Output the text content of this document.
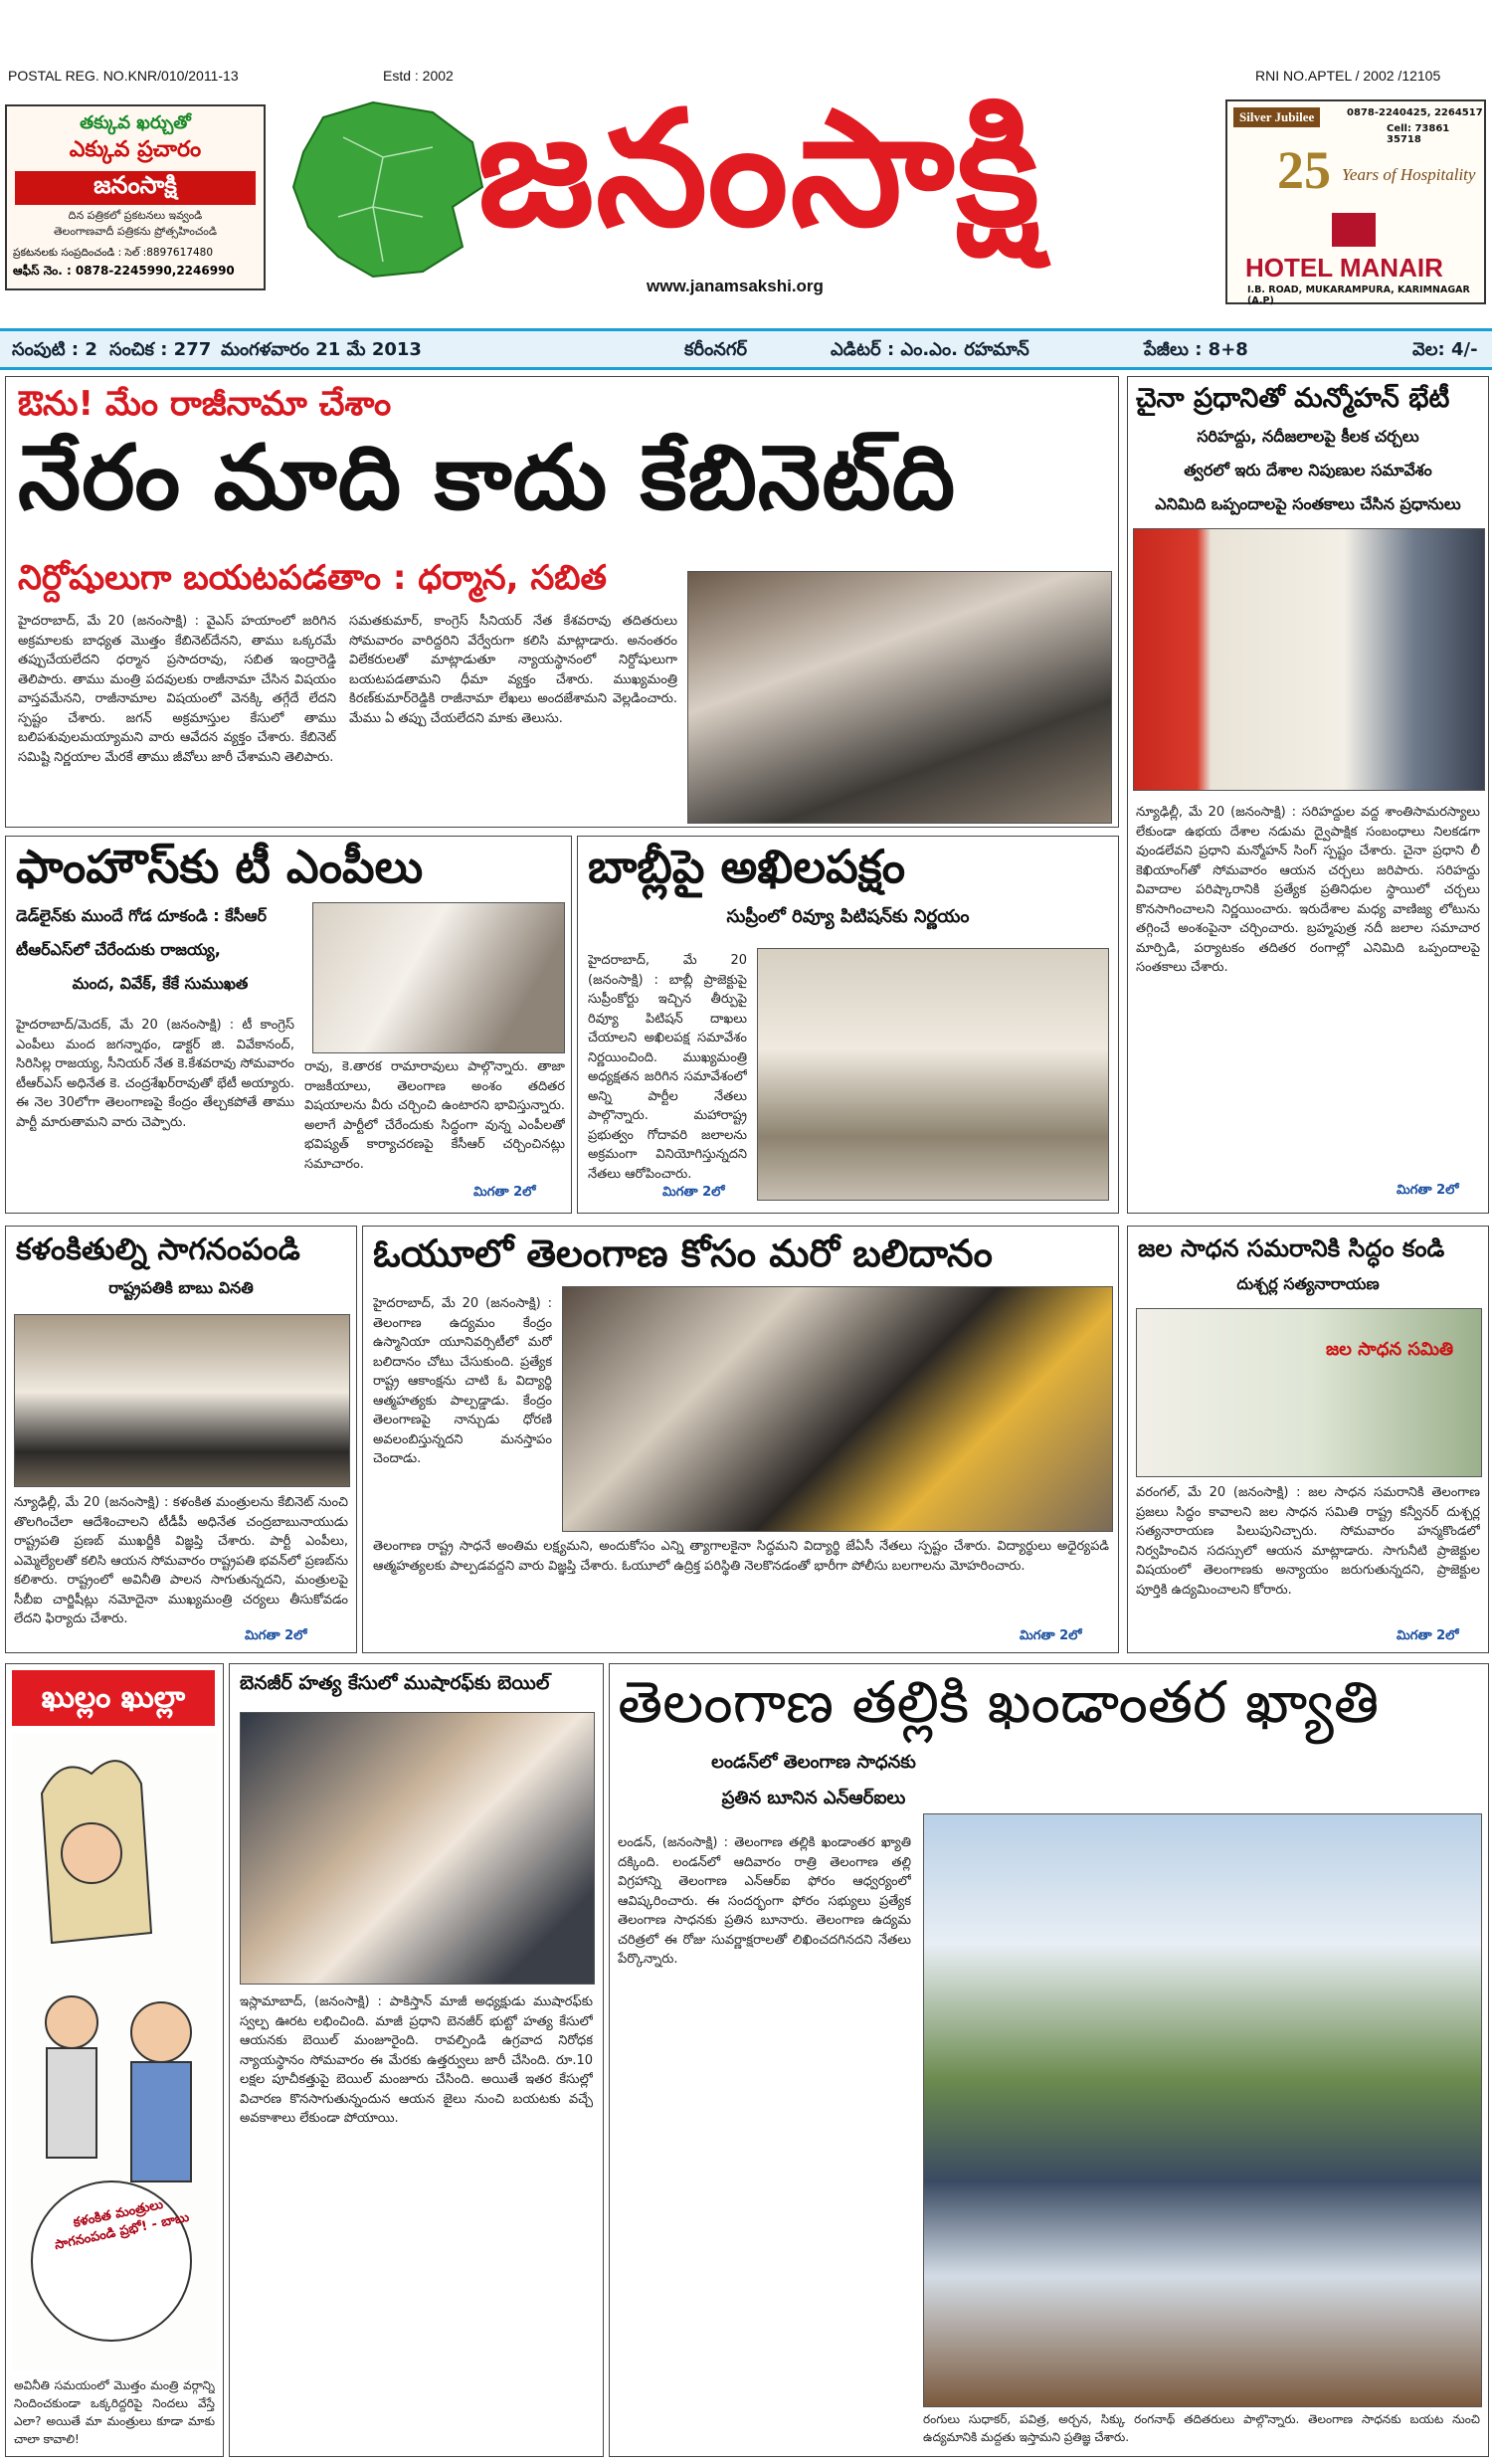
POSTAL REG. NO.KNR/010/2011-13	Estd : 2002	RNI NO.APTEL / 2002 /12105
తక్కువ ఖర్చుతో
ఎక్కువ ప్రచారం
జనంసాక్షి
దిన పత్రికలో ప్రకటనలు ఇవ్వండి
తెలంగాణవాదీ పత్రికను ప్రోత్సహించండి
ప్రకటనలకు సంప్రదించండి : సెల్ :8897617480
ఆఫీస్ నెం. : 0878-2245990,2246990
జనంసాక్షి
www.janamsakshi.org
Silver Jubilee	0878-2240425, 2264517
Cell: 73861 35718
25 Years of Hospitality
HOTEL MANAIR
I.B. ROAD, MUKARAMPURA, KARIMNAGAR (A.P)
సంపుటి : 2 సంచిక : 277 మంగళవారం 21 మే 2013	కరీంనగర్	ఎడిటర్ : ఎం.ఎం. రహమాన్	పేజీలు : 8+8	వెల: 4/-
ఔను! మేం రాజీనామా చేశాం
నేరం మాది కాదు కేబినెట్‌ది
నిర్దోషులుగా బయటపడతాం : ధర్మాన, సబిత
హైదరాబాద్, మే 20 (జనంసాక్షి) : వైఎస్‌ హయాంలో జరిగిన అక్రమాలకు బాధ్యత మొత్తం కేబినెట్‌దేనని, తాము ఒక్కరమే తప్పుచేయలేదని ధర్మాన ప్రసాదరావు, సబిత ఇంద్రారెడ్డి తెలిపారు. తాము మంత్రి పదవులకు రాజీనామా చేసిన విషయం వాస్తవమేనని, రాజీనామాల విషయంలో వెనక్కి తగ్గేదే లేదని స్పష్టం చేశారు. జగన్‌ అక్రమాస్తుల కేసులో తాము బలిపశువులమయ్యామని వారు ఆవేదన వ్యక్తం చేశారు. కేబినెట్‌ సమిష్టి నిర్ణయాల మేరకే తాము జీవోలు జారీ చేశామని తెలిపారు.
సమతకుమార్, కాంగ్రెస్‌ సీనియర్‌ నేత కేశవరావు తదితరులు సోమవారం వారిద్దరిని వేర్వేరుగా కలిసి మాట్లాడారు. అనంతరం విలేకరులతో మాట్లాడుతూ న్యాయస్థానంలో నిర్దోషులుగా బయటపడతామని ధీమా వ్యక్తం చేశారు. ముఖ్యమంత్రి కిరణ్‌కుమార్‌రెడ్డికి రాజీనామా లేఖలు అందజేశామని వెల్లడించారు. మేము ఏ తప్పు చేయలేదని మాకు తెలుసు.
చైనా ప్రధానితో మన్మోహన్‌ భేటీ
సరిహద్దు, నదీజలాలపై కీలక చర్చలు
త్వరలో ఇరు దేశాల నిపుణుల సమావేశం
ఎనిమిది ఒప్పందాలపై సంతకాలు చేసిన ప్రధానులు
న్యూఢిల్లీ, మే 20 (జనంసాక్షి) : సరిహద్దుల వద్ద శాంతిసామరస్యాలు లేకుండా ఉభయ దేశాల నడుమ ద్వైపాక్షిక సంబంధాలు నిలకడగా వుండలేవని ప్రధాని మన్మోహన్‌ సింగ్‌ స్పష్టం చేశారు. చైనా ప్రధాని లీ కెఖియాంగ్‌తో సోమవారం ఆయన చర్చలు జరిపారు. సరిహద్దు వివాదాల పరిష్కారానికి ప్రత్యేక ప్రతినిధుల స్థాయిలో చర్చలు కొనసాగించాలని నిర్ణయించారు. ఇరుదేశాల మధ్య వాణిజ్య లోటును తగ్గించే అంశంపైనా చర్చించారు. బ్రహ్మపుత్ర నదీ జలాల సమాచార మార్పిడి, పర్యాటకం తదితర రంగాల్లో ఎనిమిది ఒప్పందాలపై సంతకాలు చేశారు.
మిగతా 2లో
ఫాంహౌస్‌కు టీ ఎంపీలు
డెడ్‌లైన్‌కు ముందే గోడ దూకండి : కేసీఆర్
టీఆర్‌ఎస్‌లో చేరేందుకు రాజయ్య,
మంద, వివేక్, కేకే సుముఖత
హైదరాబాద్/మెదక్, మే 20 (జనంసాక్షి) : టీ కాంగ్రెస్‌ ఎంపీలు మంద జగన్నాథం, డాక్టర్‌ జి. వివేకానంద్, సిరిసిల్ల రాజయ్య, సీనియర్‌ నేత కె.కేశవరావు సోమవారం టీఆర్‌ఎస్‌ అధినేత కె. చంద్రశేఖర్‌రావుతో భేటీ అయ్యారు. ఈ నెల 30లోగా తెలంగాణపై కేంద్రం తేల్చకపోతే తాము పార్టీ మారుతామని వారు చెప్పారు.
రావు, కె.తారక రామారావులు పాల్గొన్నారు. తాజా రాజకీయాలు, తెలంగాణ అంశం తదితర విషయాలను వీరు చర్చించి ఉంటారని భావిస్తున్నారు. అలాగే పార్టీలో చేరేందుకు సిద్ధంగా వున్న ఎంపీలతో భవిష్యత్‌ కార్యాచరణపై కేసీఆర్‌ చర్చించినట్లు సమాచారం.
మిగతా 2లో
బాబ్లీపై అఖిలపక్షం
సుప్రీంలో రివ్యూ పిటిషన్‌కు నిర్ణయం
హైదరాబాద్, మే 20 (జనంసాక్షి) : బాబ్లీ ప్రాజెక్టుపై సుప్రీంకోర్టు ఇచ్చిన తీర్పుపై రివ్యూ పిటిషన్‌ దాఖలు చేయాలని అఖిలపక్ష సమావేశం నిర్ణయించింది. ముఖ్యమంత్రి అధ్యక్షతన జరిగిన సమావేశంలో అన్ని పార్టీల నేతలు పాల్గొన్నారు. మహారాష్ట్ర ప్రభుత్వం గోదావరి జలాలను అక్రమంగా వినియోగిస్తున్నదని నేతలు ఆరోపించారు.
మిగతా 2లో
కళంకితుల్ని సాగనంపండి
రాష్ట్రపతికి బాబు వినతి
న్యూఢిల్లీ, మే 20 (జనంసాక్షి) : కళంకిత మంత్రులను కేబినెట్‌ నుంచి తొలగించేలా ఆదేశించాలని టీడీపీ అధినేత చంద్రబాబునాయుడు రాష్ట్రపతి ప్రణబ్‌ ముఖర్జీకి విజ్ఞప్తి చేశారు. పార్టీ ఎంపీలు, ఎమ్మెల్యేలతో కలిసి ఆయన సోమవారం రాష్ట్రపతి భవన్‌లో ప్రణబ్‌ను కలిశారు. రాష్ట్రంలో అవినీతి పాలన సాగుతున్నదని, మంత్రులపై సీబీఐ చార్జిషీట్లు నమోదైనా ముఖ్యమంత్రి చర్యలు తీసుకోవడం లేదని ఫిర్యాదు చేశారు.
మిగతా 2లో
ఓయూలో తెలంగాణ కోసం మరో బలిదానం
హైదరాబాద్, మే 20 (జనంసాక్షి) : తెలంగాణ ఉద్యమం కేంద్రం ఉస్మానియా యూనివర్సిటీలో మరో బలిదానం చోటు చేసుకుంది. ప్రత్యేక రాష్ట్ర ఆకాంక్షను చాటి ఓ విద్యార్థి ఆత్మహత్యకు పాల్పడ్డాడు. కేంద్రం తెలంగాణపై నాన్చుడు ధోరణి అవలంబిస్తున్నదని మనస్తాపం చెందాడు.
తెలంగాణ రాష్ట్ర సాధనే అంతిమ లక్ష్యమని, అందుకోసం ఎన్ని త్యాగాలకైనా సిద్ధమని విద్యార్థి జేఏసీ నేతలు స్పష్టం చేశారు. విద్యార్థులు అధైర్యపడి ఆత్మహత్యలకు పాల్పడవద్దని వారు విజ్ఞప్తి చేశారు. ఓయూలో ఉద్రిక్త పరిస్థితి నెలకొనడంతో భారీగా పోలీసు బలగాలను మోహరించారు.
మిగతా 2లో
జల సాధన సమరానికి సిద్ధం కండి
దుశ్చర్ల సత్యనారాయణ
జల సాధన సమితి
వరంగల్, మే 20 (జనంసాక్షి) : జల సాధన సమరానికి తెలంగాణ ప్రజలు సిద్ధం కావాలని జల సాధన సమితి రాష్ట్ర కన్వీనర్‌ దుశ్చర్ల సత్యనారాయణ పిలుపునిచ్చారు. సోమవారం హన్మకొండలో నిర్వహించిన సదస్సులో ఆయన మాట్లాడారు. సాగునీటి ప్రాజెక్టుల విషయంలో తెలంగాణకు అన్యాయం జరుగుతున్నదని, ప్రాజెక్టుల పూర్తికి ఉద్యమించాలని కోరారు.
మిగతా 2లో
ఖుల్లం ఖుల్లా
కళంకిత మంత్రులు సాగనంపండి ప్రభో! - బాబు
అవినీతి సమయంలో మొత్తం మంత్రి వర్గాన్ని నిందించకుండా ఒక్కరిద్దరిపై నిందలు వేస్తే ఎలా? అయితే మా మంత్రులు కూడా మాకు చాలా కావాలి!
బెనజీర్‌ హత్య కేసులో ముషారఫ్‌కు బెయిల్‌
ఇస్లామాబాద్, (జనంసాక్షి) : పాకిస్తాన్‌ మాజీ అధ్యక్షుడు ముషారఫ్‌కు స్వల్ప ఊరట లభించింది. మాజీ ప్రధాని బెనజీర్‌ భుట్టో హత్య కేసులో ఆయనకు బెయిల్‌ మంజూరైంది. రావల్పిండి ఉగ్రవాద నిరోధక న్యాయస్థానం సోమవారం ఈ మేరకు ఉత్తర్వులు జారీ చేసింది. రూ.10 లక్షల పూచీకత్తుపై బెయిల్‌ మంజూరు చేసింది. అయితే ఇతర కేసుల్లో విచారణ కొనసాగుతున్నందున ఆయన జైలు నుంచి బయటకు వచ్చే అవకాశాలు లేకుండా పోయాయి.
తెలంగాణ తల్లికి ఖండాంతర ఖ్యాతి
లండన్‌లో తెలంగాణ సాధనకు
ప్రతిన బూనిన ఎన్‌ఆర్‌ఐలు
లండన్, (జనంసాక్షి) : తెలంగాణ తల్లికి ఖండాంతర ఖ్యాతి దక్కింది. లండన్‌లో ఆదివారం రాత్రి తెలంగాణ తల్లి విగ్రహాన్ని తెలంగాణ ఎన్‌ఆర్‌ఐ ఫోరం ఆధ్వర్యంలో ఆవిష్కరించారు. ఈ సందర్భంగా ఫోరం సభ్యులు ప్రత్యేక తెలంగాణ సాధనకు ప్రతిన బూనారు. తెలంగాణ ఉద్యమ చరిత్రలో ఈ రోజు సువర్ణాక్షరాలతో లిఖించదగినదని నేతలు పేర్కొన్నారు.
రంగులు సుధాకర్, పవిత్ర, అర్చన, సిక్కు రంగనాథ్ తదితరులు పాల్గొన్నారు. తెలంగాణ సాధనకు బయట నుంచి ఉద్యమానికి మద్దతు ఇస్తామని ప్రతిజ్ఞ చేశారు.
